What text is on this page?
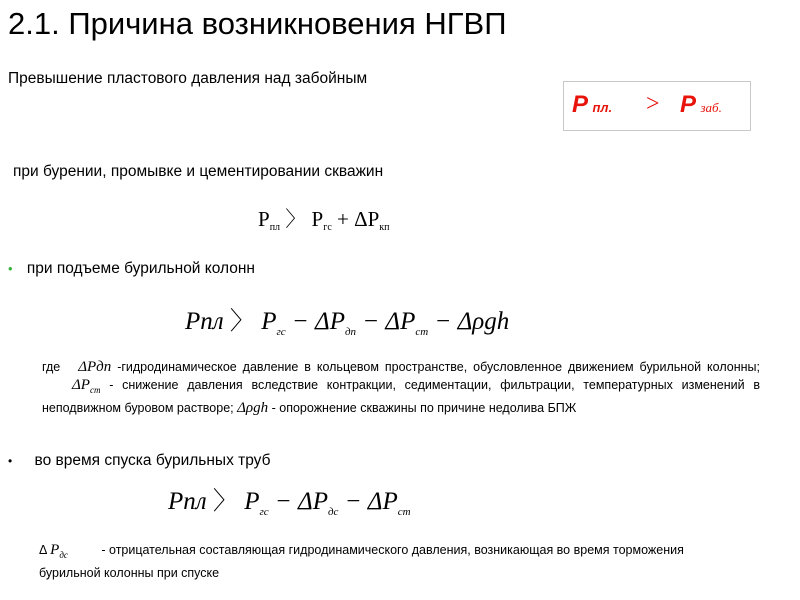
2.1. Причина возникновения НГВП
Превышение пластового давления над забойным
P пл. > P заб.
при бурении, промывке и цементировании скважин
Pпл 〉 Pгс + ΔPкп
• при подъеме бурильной колонн
Pпл 〉 $P_{гс} - \Delta P_{дп} - \Delta P_{ст} - \Delta\rho gh$
где ΔPдп -гидродинамическое давление в кольцевом пространстве, обусловленное движением бурильной колонны; $\Delta P_{ст}$ - снижение давления вследствие контракции, седиментации, фильтрации, температурных изменений в неподвижном буровом растворе; Δρgh - опорожнение скважины по причине недолива БПЖ
• во время спуска бурильных труб
Pпл 〉 $P_{гс} - \Delta P_{дс} - \Delta P_{ст}$
Δ $P_{дс}$	- отрицательная составляющая гидродинамического давления, возникающая во время торможения бурильной колонны при спуске
